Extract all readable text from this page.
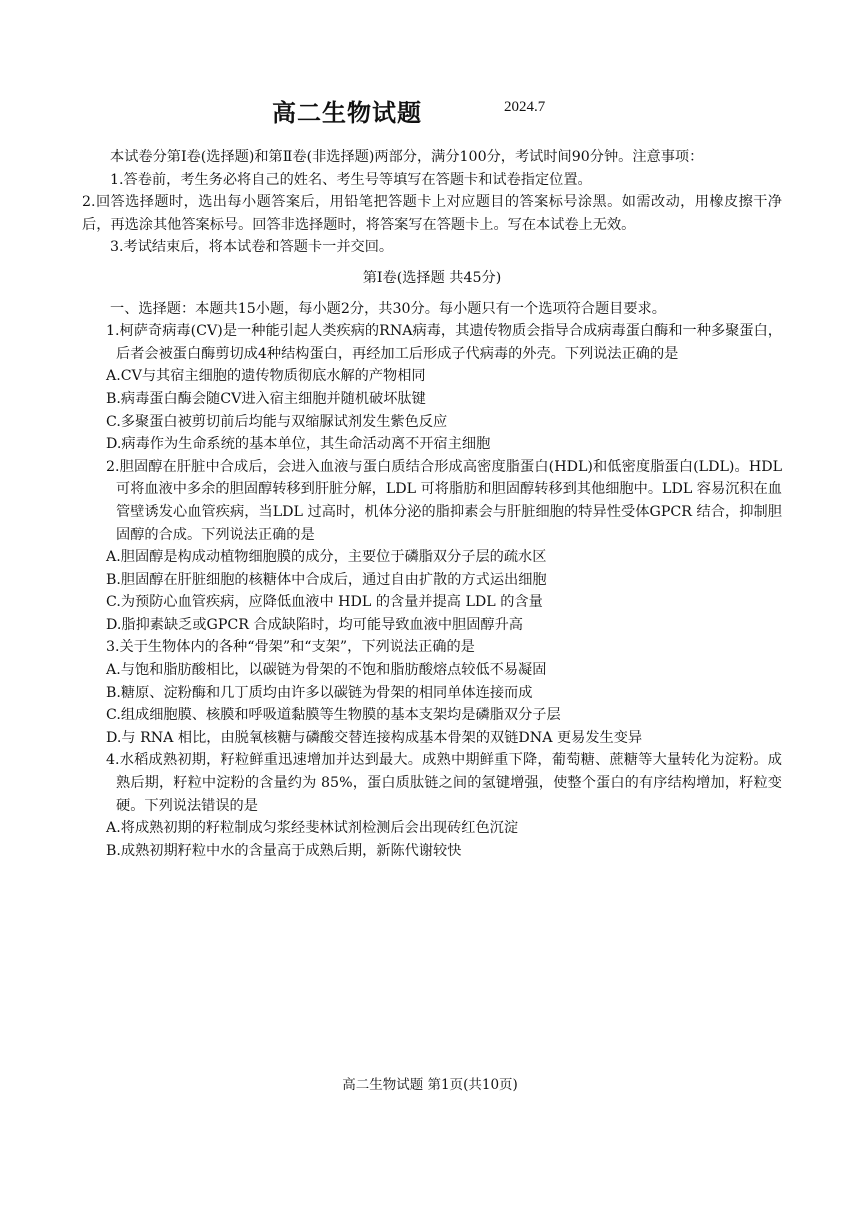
高二生物试题	2024.7

本试卷分第Ⅰ卷(选择题)和第Ⅱ卷(非选择题)两部分，满分100分，考试时间90分钟。注意事项：

1.答卷前，考生务必将自己的姓名、考生号等填写在答题卡和试卷指定位置。

2.回答选择题时，选出每小题答案后，用铅笔把答题卡上对应题目的答案标号涂黑。如需改动，用橡皮擦干净后，再选涂其他答案标号。回答非选择题时，将答案写在答题卡上。写在本试卷上无效。

3.考试结束后，将本试卷和答题卡一并交回。

第Ⅰ卷(选择题 共45分)

一、选择题：本题共15小题，每小题2分，共30分。每小题只有一个选项符合题目要求。

1.柯萨奇病毒(CV)是一种能引起人类疾病的RNA病毒，其遗传物质会指导合成病毒蛋白酶和一种多聚蛋白，后者会被蛋白酶剪切成4种结构蛋白，再经加工后形成子代病毒的外壳。下列说法正确的是

A.CV与其宿主细胞的遗传物质彻底水解的产物相同

B.病毒蛋白酶会随CV进入宿主细胞并随机破坏肽键

C.多聚蛋白被剪切前后均能与双缩脲试剂发生紫色反应

D.病毒作为生命系统的基本单位，其生命活动离不开宿主细胞

2.胆固醇在肝脏中合成后，会进入血液与蛋白质结合形成高密度脂蛋白(HDL)和低密度脂蛋白(LDL)。HDL 可将血液中多余的胆固醇转移到肝脏分解，LDL 可将脂肪和胆固醇转移到其他细胞中。LDL 容易沉积在血管壁诱发心血管疾病，当LDL 过高时，机体分泌的脂抑素会与肝脏细胞的特异性受体GPCR 结合，抑制胆固醇的合成。下列说法正确的是

A.胆固醇是构成动植物细胞膜的成分，主要位于磷脂双分子层的疏水区

B.胆固醇在肝脏细胞的核糖体中合成后，通过自由扩散的方式运出细胞

C.为预防心血管疾病，应降低血液中 HDL 的含量并提高 LDL 的含量

D.脂抑素缺乏或GPCR 合成缺陷时，均可能导致血液中胆固醇升高

3.关于生物体内的各种“骨架”和“支架”，下列说法正确的是

A.与饱和脂肪酸相比，以碳链为骨架的不饱和脂肪酸熔点较低不易凝固

B.糖原、淀粉酶和几丁质均由许多以碳链为骨架的相同单体连接而成

C.组成细胞膜、核膜和呼吸道黏膜等生物膜的基本支架均是磷脂双分子层

D.与 RNA 相比，由脱氧核糖与磷酸交替连接构成基本骨架的双链DNA 更易发生变异

4.水稻成熟初期，籽粒鲜重迅速增加并达到最大。成熟中期鲜重下降，葡萄糖、蔗糖等大量转化为淀粉。成熟后期，籽粒中淀粉的含量约为 85%，蛋白质肽链之间的氢键增强，使整个蛋白的有序结构增加，籽粒变硬。下列说法错误的是

A.将成熟初期的籽粒制成匀浆经斐林试剂检测后会出现砖红色沉淀

B.成熟初期籽粒中水的含量高于成熟后期，新陈代谢较快

高二生物试题 第1页(共10页)
